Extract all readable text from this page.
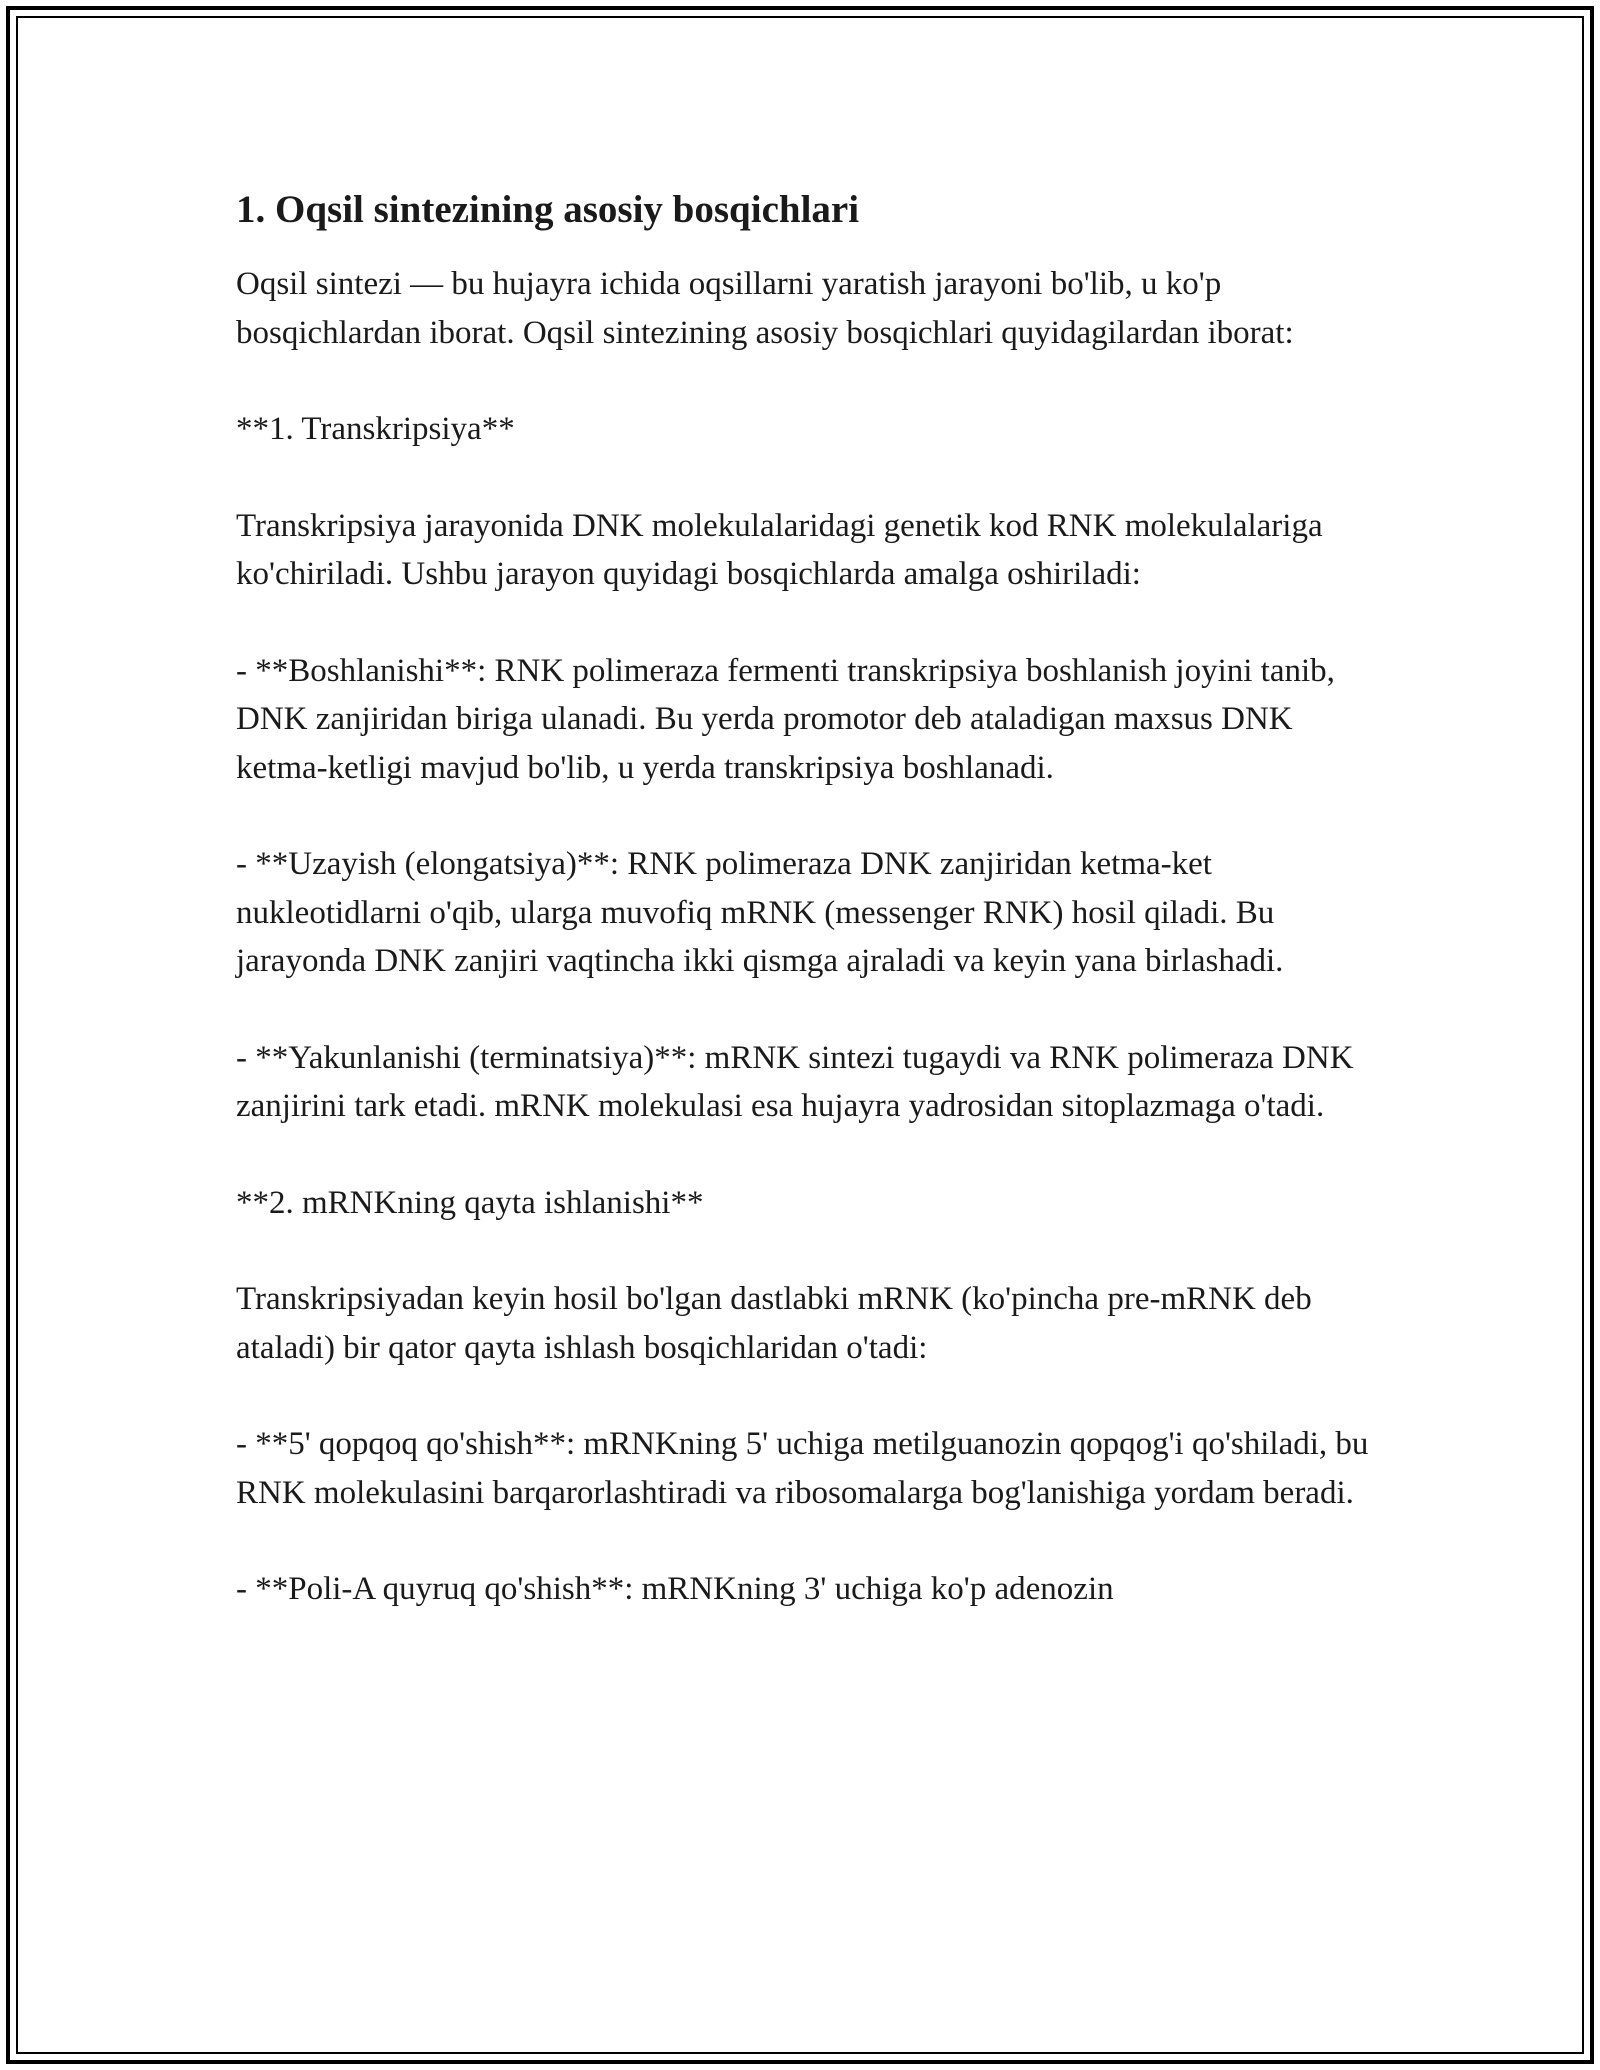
1. Oqsil sintezining asosiy bosqichlari

Oqsil sintezi — bu hujayra ichida oqsillarni yaratish jarayoni bo'lib, u ko'p bosqichlardan iborat. Oqsil sintezining asosiy bosqichlari quyidagilardan iborat:

**1. Transkripsiya**

Transkripsiya jarayonida DNK molekulalaridagi genetik kod RNK molekulalariga ko'chiriladi. Ushbu jarayon quyidagi bosqichlarda amalga oshiriladi:

- **Boshlanishi**: RNK polimeraza fermenti transkripsiya boshlanish joyini tanib, DNK zanjiridan biriga ulanadi. Bu yerda promotor deb ataladigan maxsus DNK ketma-ketligi mavjud bo'lib, u yerda transkripsiya boshlanadi.

- **Uzayish (elongatsiya)**: RNK polimeraza DNK zanjiridan ketma-ket nukleotidlarni o'qib, ularga muvofiq mRNK (messenger RNK) hosil qiladi. Bu jarayonda DNK zanjiri vaqtincha ikki qismga ajraladi va keyin yana birlashadi.

- **Yakunlanishi (terminatsiya)**: mRNK sintezi tugaydi va RNK polimeraza DNK zanjirini tark etadi. mRNK molekulasi esa hujayra yadrosidan sitoplazmaga o'tadi.

**2. mRNKning qayta ishlanishi**

Transkripsiyadan keyin hosil bo'lgan dastlabki mRNK (ko'pincha pre-mRNK deb ataladi) bir qator qayta ishlash bosqichlaridan o'tadi:

- **5' qopqoq qo'shish**: mRNKning 5' uchiga metilguanozin qopqog'i qo'shiladi, bu RNK molekulasini barqarorlashtiradi va ribosomalarga bog'lanishiga yordam beradi.

- **Poli-A quyruq qo'shish**: mRNKning 3' uchiga ko'p adenozin
